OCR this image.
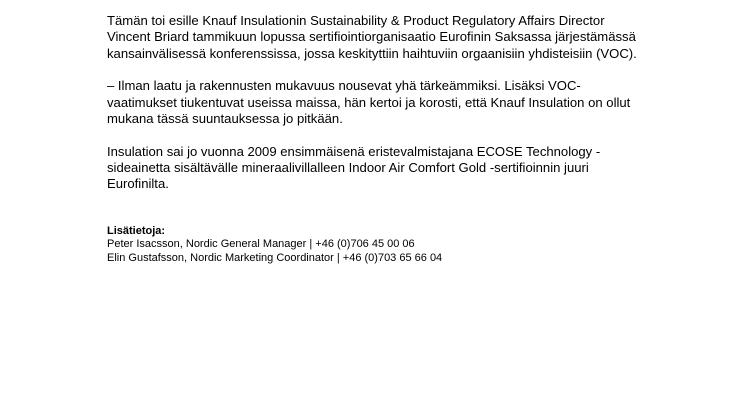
Tämän toi esille Knauf Insulationin Sustainability & Product Regulatory Affairs Director Vincent Briard tammikuun lopussa sertifiointiorganisaatio Eurofinin Saksassa järjestämässä kansainvälisessä konferenssissa, jossa keskityttiin haihtuviin orgaanisiin yhdisteisiin (VOC).

– Ilman laatu ja rakennusten mukavuus nousevat yhä tärkeämmiksi. Lisäksi VOC-vaatimukset tiukentuvat useissa maissa, hän kertoi ja korosti, että Knauf Insulation on ollut mukana tässä suuntauksessa jo pitkään.

Insulation sai jo vuonna 2009 ensimmäisenä eristevalmistajana ECOSE Technology -sideainetta sisältävälle mineraalivillalleen Indoor Air Comfort Gold -sertifioinnin juuri Eurofinilta.

Lisätietoja:
Peter Isacsson, Nordic General Manager | +46 (0)706 45 00 06
Elin Gustafsson, Nordic Marketing Coordinator | +46 (0)703 65 66 04
